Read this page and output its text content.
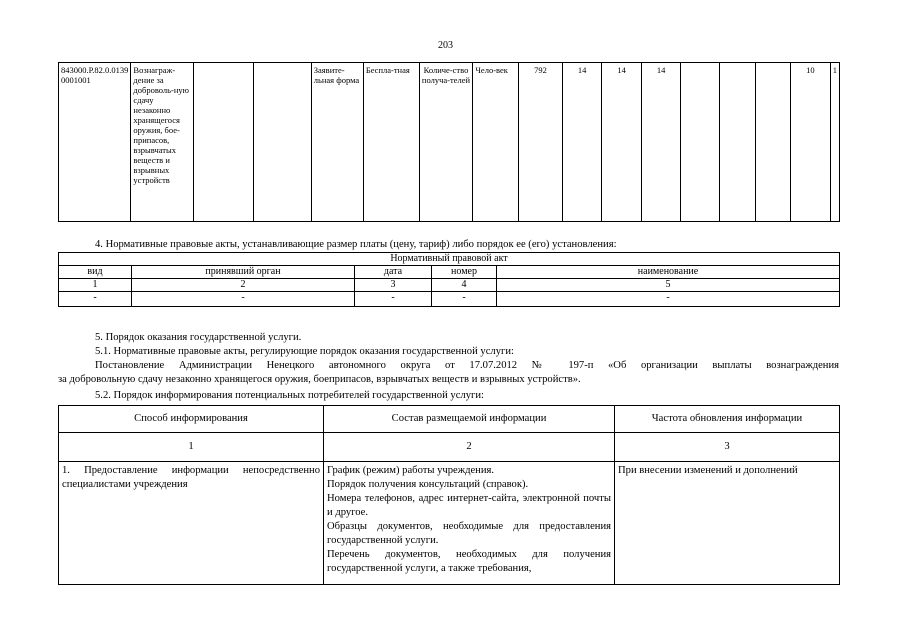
203
843000.Р.82.0.0139 0001001	Вознаграж-дение за доброволь-ную сдачу незаконно хранящегося оружия, бое-припасов, взрывчатых веществ и взрывных устройств			Заявите-льная форма	Беспла-тная	Количе-ство получа-телей	Чело-век	792	14	14	14				10	1
4. Нормативные правовые акты, устанавливающие размер платы (цену, тариф) либо порядок ее (его) установления:
Нормативный правовой акт				
вид	принявший орган	дата	номер	наименование
1	2	3	4	5
-	-	-	-	-
5. Порядок оказания государственной услуги.
5.1. Нормативные правовые акты, регулирующие порядок оказания государственной услуги:
Постановление Администрации Ненецкого автономного округа от 17.07.2012 № 197-п «Об организации выплаты вознаграждения
за добровольную сдачу незаконно хранящегося оружия, боеприпасов, взрывчатых веществ и взрывных устройств».
5.2. Порядок информирования потенциальных потребителей государственной услуги:
Способ информирования	Состав размещаемой информации	Частота обновления информации
1	2	3
1. Предоставление информации непосредственно специалистами учреждения	График (режим) работы учреждения.
Порядок получения консультаций (справок).
Номера телефонов, адрес интернет-сайта, электронной почты и другое.
Образцы документов, необходимые для предоставления государственной услуги.
Перечень документов, необходимых для получения государственной услуги, а также требования,	При внесении изменений и дополнений
